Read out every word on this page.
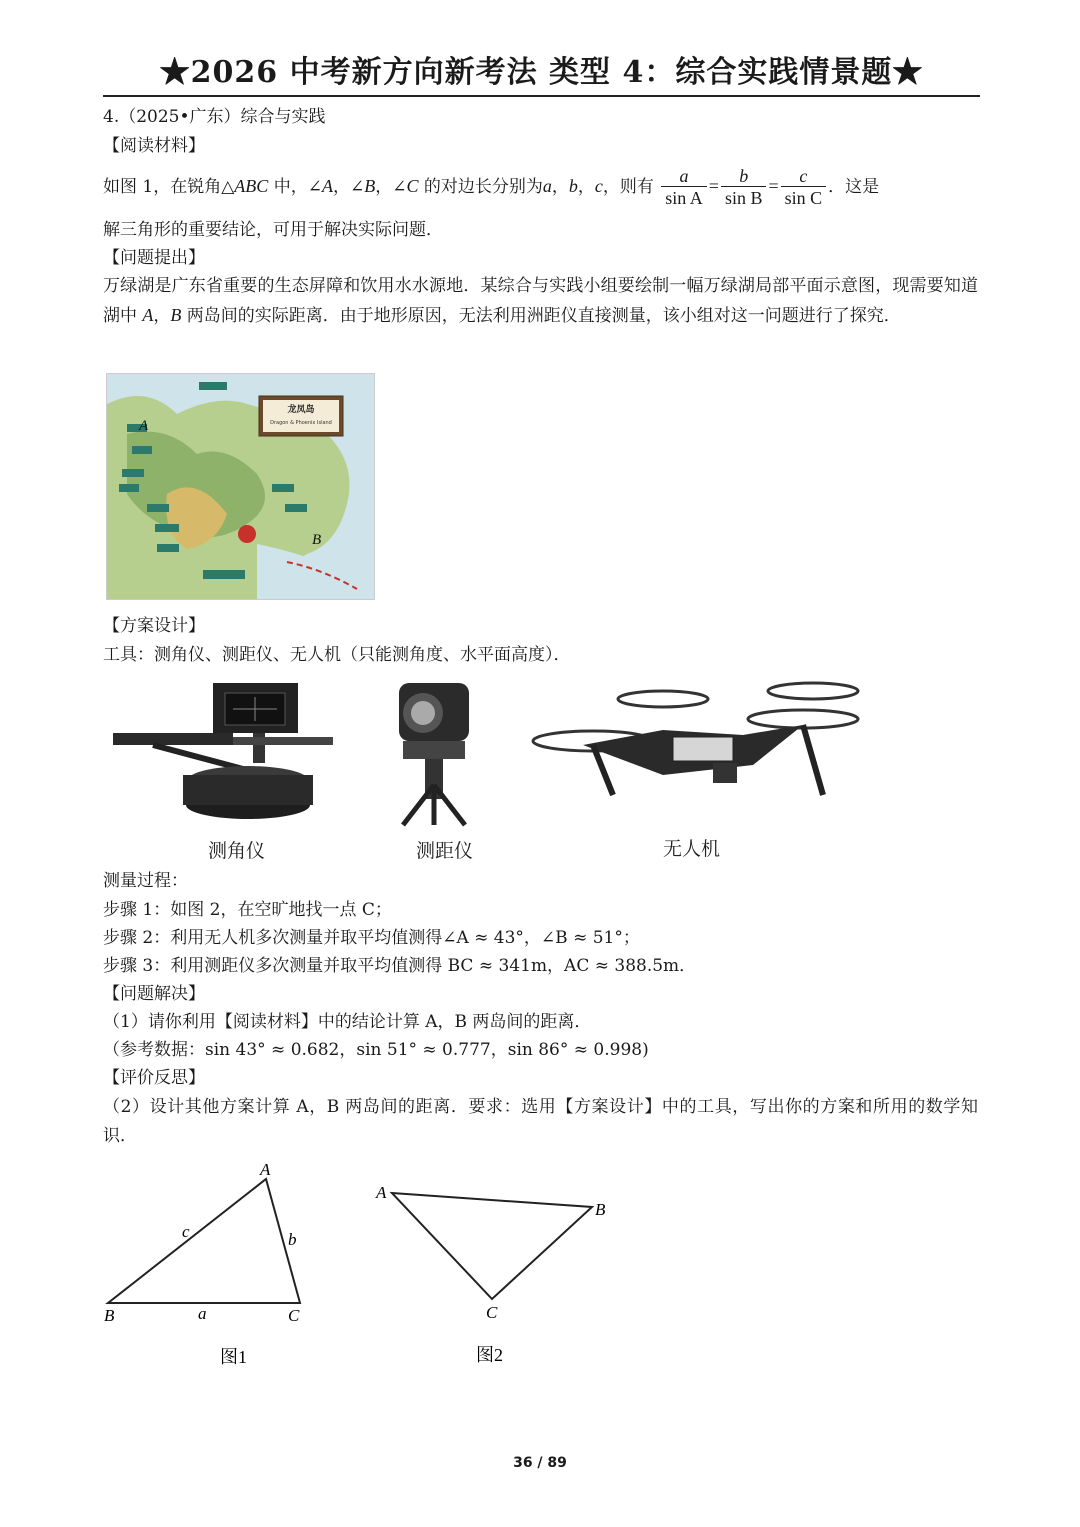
★2026 中考新方向新考法 类型 4：综合实践情景题★
4.（2025•广东）综合与实践
【阅读材料】
如图 1，在锐角△ABC 中，∠A，∠B，∠C 的对边长分别为a，b，c，则有 $\frac{a}{\text{sin A}} = \frac{b}{\text{sin B}} = \frac{c}{\text{sin C}}$ ．这是
解三角形的重要结论，可用于解决实际问题．
【问题提出】
万绿湖是广东省重要的生态屏障和饮用水水源地．某综合与实践小组要绘制一幅万绿湖局部平面示意图，现需要知道湖中 A，B 两岛间的实际距离．由于地形原因，无法利用洲距仪直接测量，该小组对这一问题进行了探究．
龙凤岛
Dragon & Phoenix Island
A
B
【方案设计】
工具：测角仪、测距仪、无人机（只能测角度、水平面高度）．
测角仪	测距仪	无人机
测量过程：
步骤 1：如图 2，在空旷地找一点 C；
步骤 2：利用无人机多次测量并取平均值测得∠A ≈ 43°，∠B ≈ 51°；
步骤 3：利用测距仪多次测量并取平均值测得 BC ≈ 341m，AC ≈ 388.5m．
【问题解决】
（1）请你利用【阅读材料】中的结论计算 A，B 两岛间的距离．
（参考数据：sin 43° ≈ 0.682，sin 51° ≈ 0.777，sin 86° ≈ 0.998)
【评价反思】
（2）设计其他方案计算 A，B 两岛间的距离．要求：选用【方案设计】中的工具，写出你的方案和所用的数学知识．
A
B	C
a
b
c
图1
A
B
C
图2
36 / 89
